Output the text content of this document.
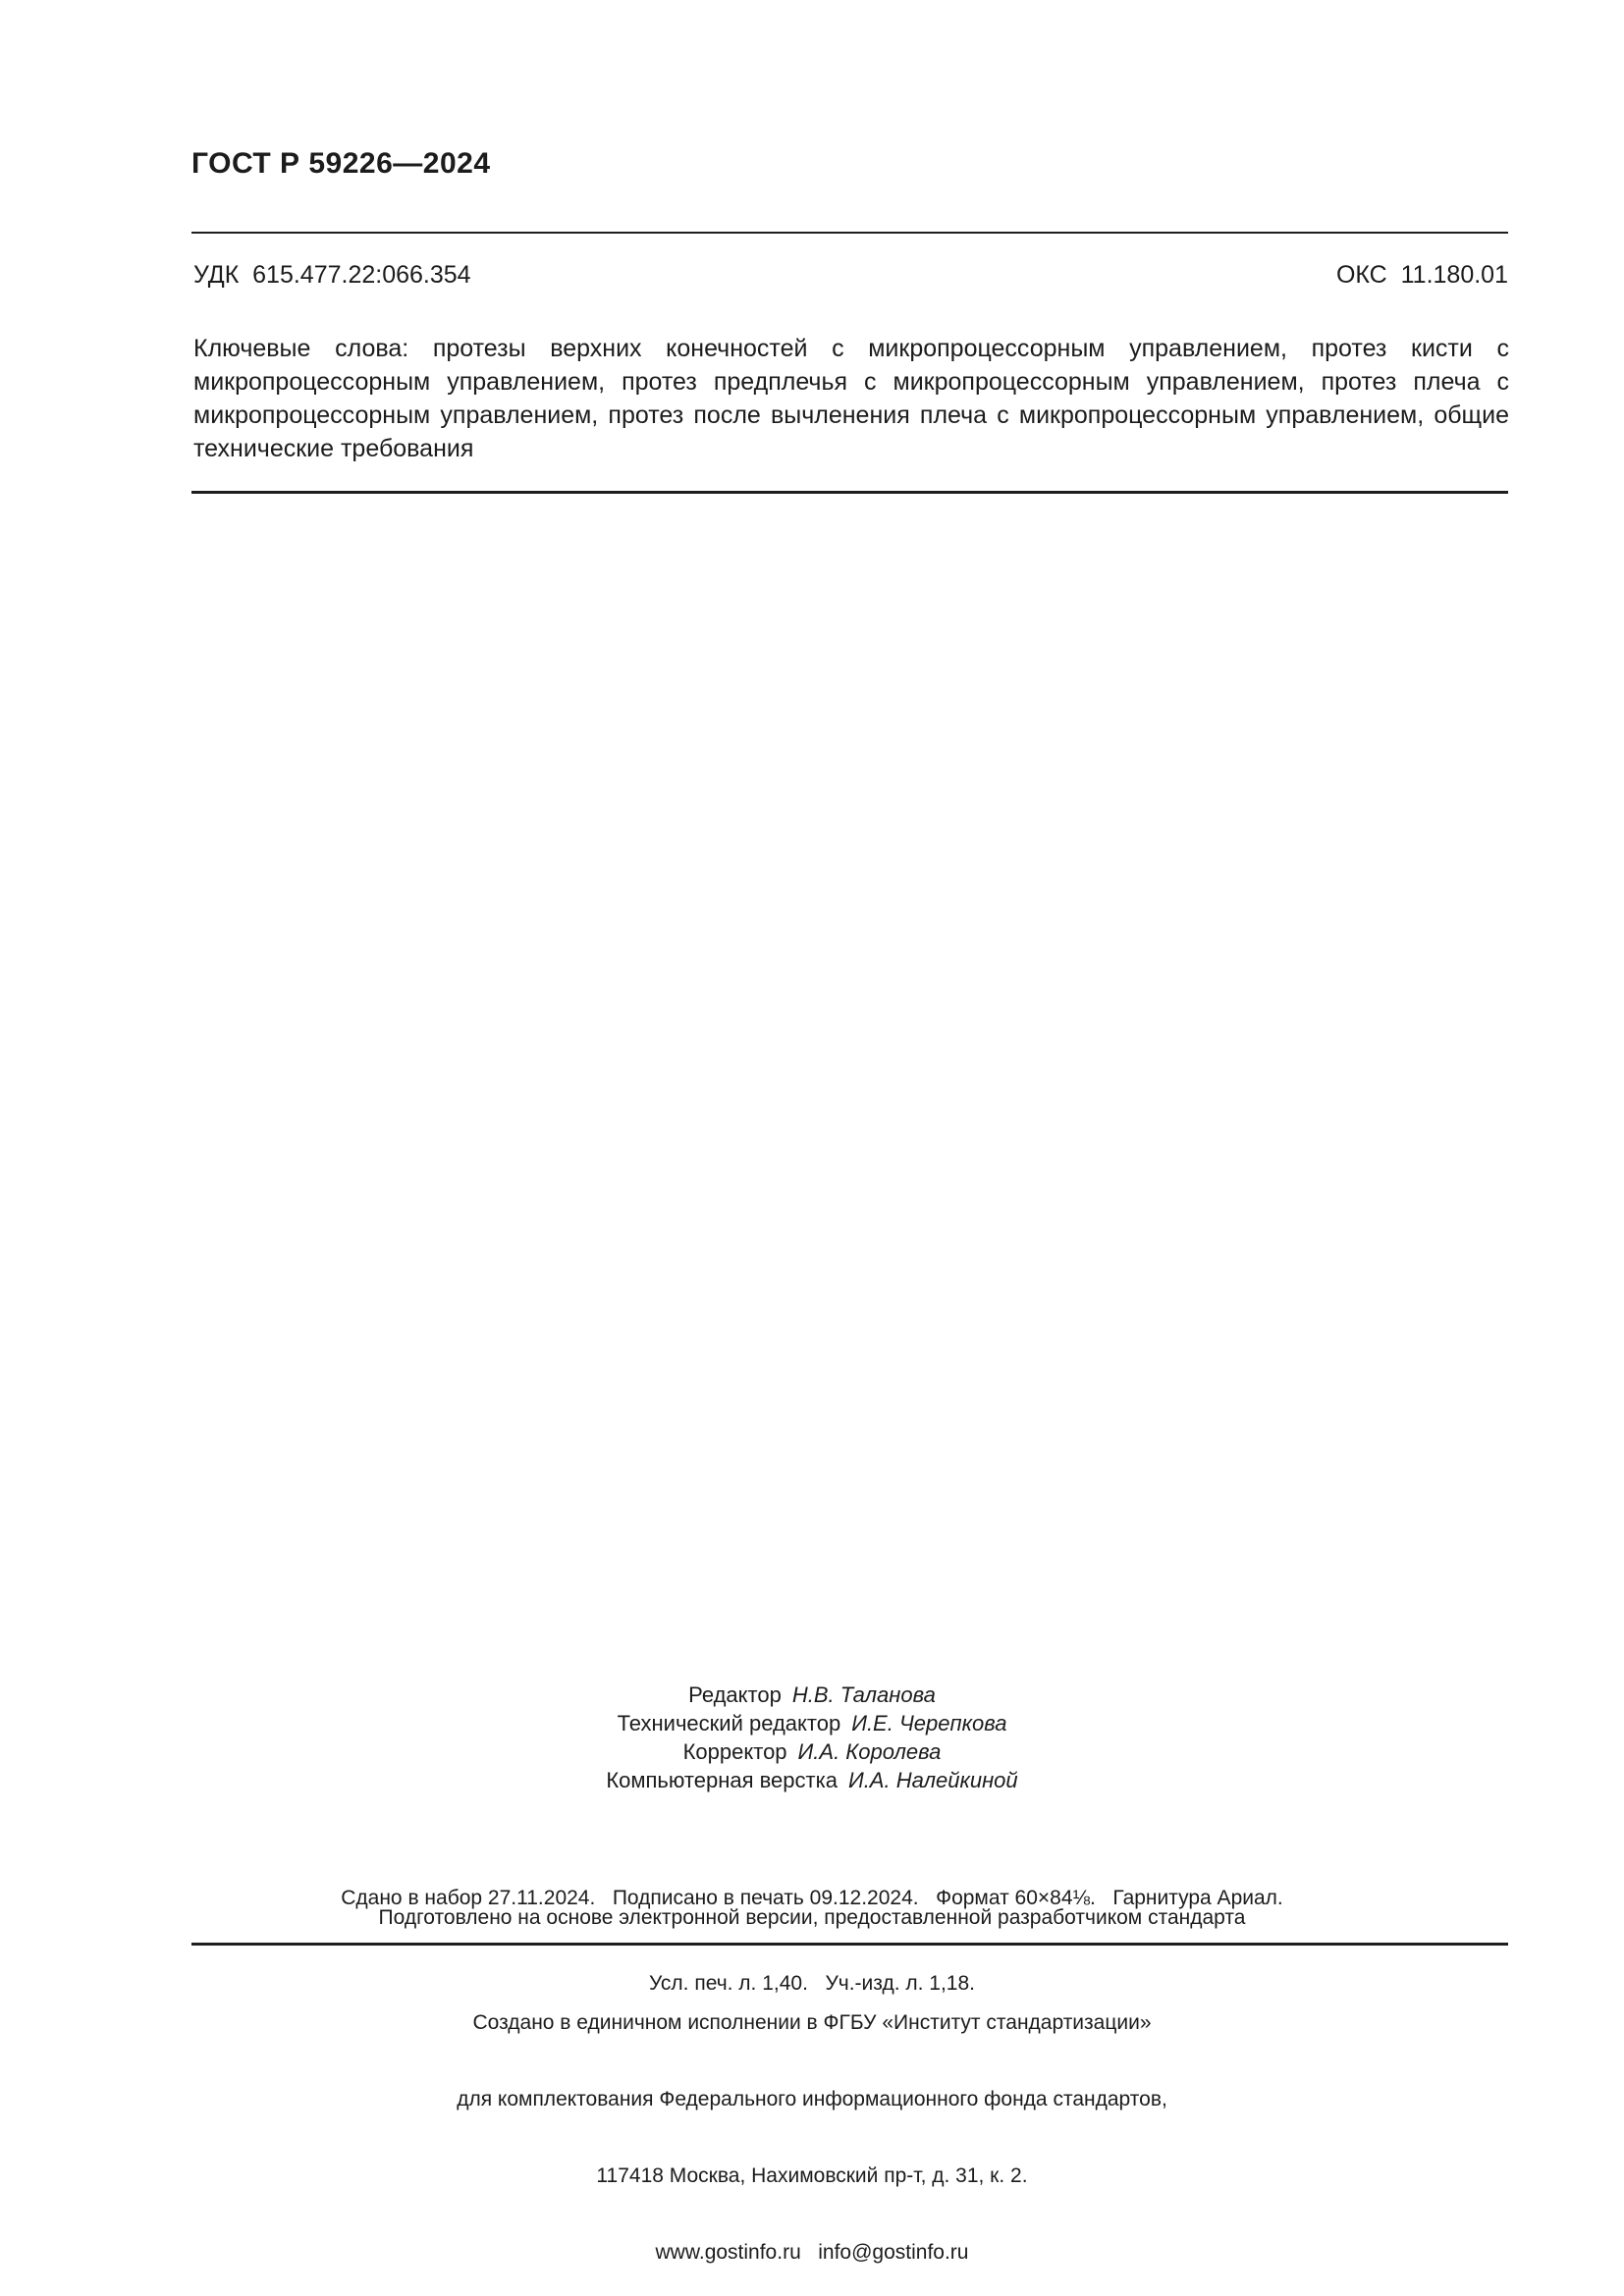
ГОСТ Р 59226—2024
УДК  615.477.22:066.354	ОКС  11.180.01
Ключевые слова: протезы верхних конечностей с микропроцессорным управлением, протез кисти с микропроцессорным управлением, протез предплечья с микропроцессорным управлением, протез плеча с микропроцессорным управлением, протез после вычленения плеча с микропроцессорным управлением, общие технические требования
Редактор Н.В. Таланова
Технический редактор И.Е. Черепкова
Корректор И.А. Королева
Компьютерная верстка И.А. Налейкиной

Сдано в набор 27.11.2024.   Подписано в печать 09.12.2024.   Формат 60×84⅛.   Гарнитура Ариал.

Усл. печ. л. 1,40.   Уч.-изд. л. 1,18.

Подготовлено на основе электронной версии, предоставленной разработчиком стандарта

Создано в единичном исполнении в ФГБУ «Институт стандартизации»

для комплектования Федерального информационного фонда стандартов,

117418 Москва, Нахимовский пр-т, д. 31, к. 2.

www.gostinfo.ru   info@gostinfo.ru
